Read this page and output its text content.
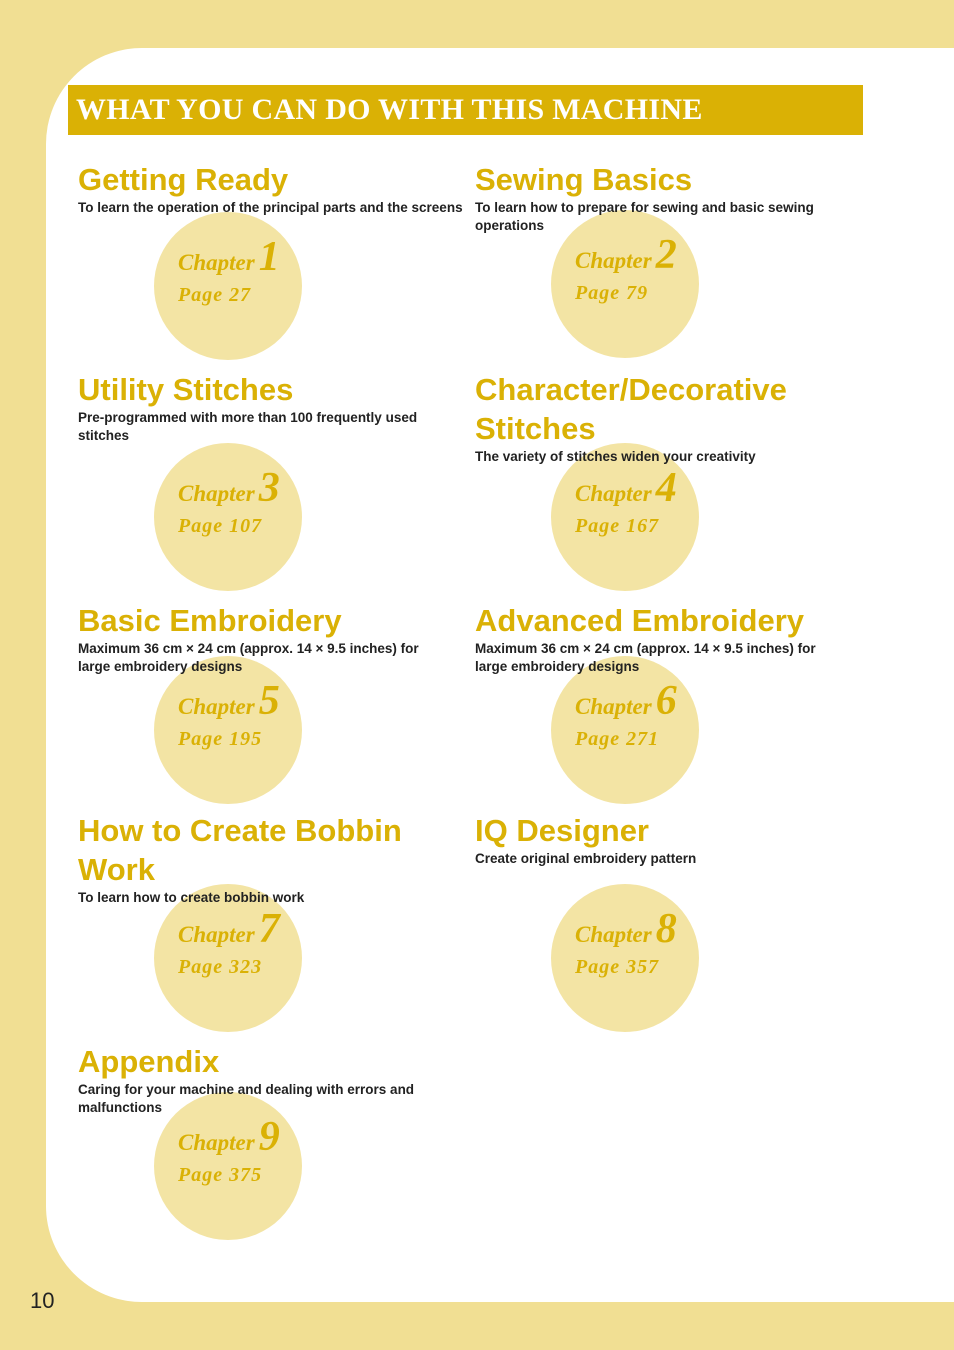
WHAT YOU CAN DO WITH THIS MACHINE
Getting Ready

To learn the operation of the principal parts and the screens

Chapter1
Page 27
Sewing Basics

To learn how to prepare for sewing and basic sewing operations

Chapter2
Page 79
Utility Stitches

Pre-programmed with more than 100 frequently used stitches

Chapter3
Page 107
Character/Decorative Stitches

The variety of stitches widen your creativity

Chapter4
Page 167
Basic Embroidery

Maximum 36 cm × 24 cm (approx. 14 × 9.5 inches) for large embroidery designs

Chapter5
Page 195
Advanced Embroidery

Maximum 36 cm × 24 cm (approx. 14 × 9.5 inches) for large embroidery designs

Chapter6
Page 271
How to Create Bobbin Work

To learn how to create bobbin work

Chapter7
Page 323
IQ Designer

Create original embroidery pattern

Chapter8
Page 357
Appendix

Caring for your machine and dealing with errors and malfunctions

Chapter9
Page 375
10
